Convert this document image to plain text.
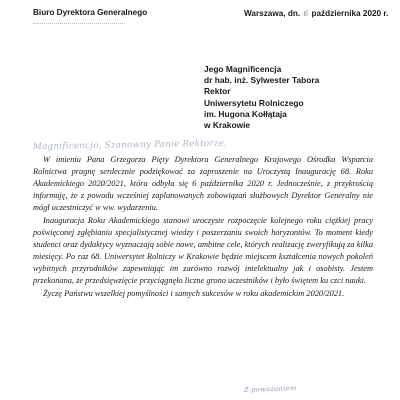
Biuro Dyrektora Generalnego	Warszawa, dn. 6 października 2020 r.
Jego Magnificencja
dr hab. inż. Sylwester Tabora
Rektor
Uniwersytetu Rolniczego
im. Hugona Kołłątaja
w Krakowie
Magnificencjo, Szanowny Panie Rektorze,

W imieniu Pana Grzegorza Pięty Dyrektora Generalnego Krajowego Ośrodka Wsparcia Rolnictwa pragnę serdecznie podziękować za zaproszenie na Uroczystą Inaugurację 68. Roku Akademickiego 2020/2021, która odbyła się 6 października 2020 r. Jednocześnie, z przykrością informuję, że z powodu wcześniej zaplanowanych zobowiązań służbowych Dyrektor Generalny nie mógł uczestniczyć w ww. wydarzeniu.

Inauguracja Roku Akademickiego stanowi uroczyste rozpoczęcie kolejnego roku ciężkiej pracy poświęconej zgłębianiu specjalistycznej wiedzy i poszerzaniu swoich horyzontów. To moment kiedy studenci oraz dydaktycy wyznaczają sobie nowe, ambitne cele, których realizację zweryfikują za kilka miesięcy. Po raz 68. Uniwersytet Rolniczy w Krakowie będzie miejscem kształcenia nowych pokoleń wybitnych przyrodników zapewniając im zarówno rozwój intelektualny jak i osobisty. Jestem przekonana, że przedsięwzięcie przyciągnęło liczne grono uczestników i było świętem ku czci nauki.

Życzę Państwu wszelkiej pomyślności i samych sukcesów w roku akademickim 2020/2021.

Z poważaniem
